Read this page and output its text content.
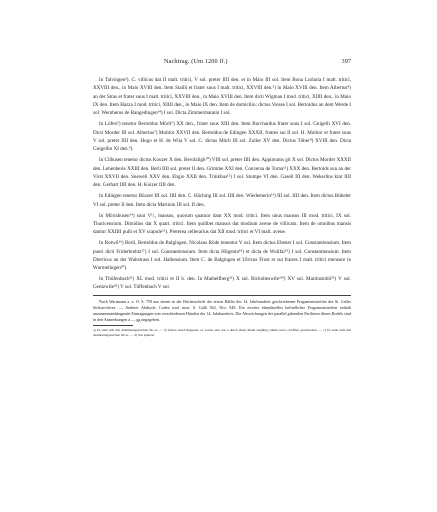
Nachtrag. (Um 1200 ff.)	397

In Talvingen²). C. villicus dat II malt. tritici, V sol. preter IIII den. et in Maio III sol. Item Bona Lurlaria I malt. tritici, XXVIII den., in Maio XVIII den. Item Stailli et frater suus I malt. tritici, XXVIII den.³) in Maio XVIII den. Item Albertus⁴) an der Stras et frater suus I malt. tritici, XXVIII den., in Maio XVIII den. Item dicti Wigman I mod. tritici, XIIII den., in Maio IX den. Item Hazza I mod. tritici, XIIII den., in Maio IX den. Item de domicilio: dictus Voisse I sol. Bertoldus an dem Werde I sol. Wernherus de Rangedingen³⁴) I sol. Dicta Zimmermannin I sol.

In Löfen⁵) tenetur Bertoldus Mörli⁶) XX den., frater suus XIII den. Item Burchardus frater suus I sol. Gnigelli XVI den. Dicti Morder III sol. Albertus⁷) Molitor XXVII den. Bertoldus de Edingen XXXII, fratres sui II sol. H. Molitor et frater suus V sol. preter IIII den. Hugo et H. de Wila V sol. C. dictus Mörli III sol. Zoller XV den. Dictus Töber⁸) XVIII den. Dicta Gnigellin XI den.⁹).

In Cilhusen tenetur dictus Kouzer X den. Berolzligh¹⁰) VIII sol. preter IIII den. Appimums git X sol. Dictus Morder XXXII den. Lehenherie XXIII den. Berli IIII sol. preter II den. Grimme XXI den. Conversa de Torna¹¹) XXX den. Bertolds sun an der Virst XXVII den. Sneweli XXV den. Ebgio XXII den. Trinkhus¹²) I sol. Stumpe VI den. Gaseli III den. Wekerlins kint IIII den. Gerhart IIII den. H. Koizer IIII den.

In Edingen tenetur Büzzer III sol. IIII den. C. Häching III sol. IIII den. Wiedemerin¹³) III sol. IIII den. Item dictus Büheler VI sol. preter II den. Item dicta Martinin III sol. II den.

In Mörishusen¹⁴) sunt V¹/₂ mansus, quorum quatuor dant XX mod. tritici. Item unus mansus III mod. tritici, IX sol. Thuricensium. Dimidius dat X quart. tritici. Item quilibet mansus dat modium avene de villicatu. Item de omnibus mansis dantur XXIIII pulli et XV scapule¹⁵). Preterea cellerarius dat XII mod. tritici et VI malt. avene.

In Rotwil¹⁶) Berli, Bertoldus de Balgingen, Nicolaus Rüde tenentur V sol. Item dictus Ebener I sol. Constantiensium. Item pueri dicti Friderbrehtz¹⁷) I sol. Constantiensium. Item dicta Hilgenin¹⁸) et dicta de Woilfai¹⁹) I sol. Constantiensium. Item Dietricus an der Waltstrass I sol. Hallensium. Item C. de Balgingen et Ulricus Frost et sui fratres I malt. tritici mensure in Wurmelingen²⁰).

In Thüfenbach²¹) XL mod. tritici et II b. den. In Mathelfberg²²) X sol. Richolteswile²³⁴) XV sol. Martinstobil²⁵) V sol. Gentzwile²⁶) V sol. Tüffenbach V sol.

Nach Wartmann a. a. O. S. 759 aus einem in der Bücherschrift der ersten Hälfte des 14. Jahrhunderts geschriebenen Fergamentstreifen des St. Galler Stiftsarchives. — Anderer Abdruck: Codex trad. mon. S. Galli 562, Nro. 949. Ein zweiter ebendaselbst befindlicher Fergamentstreifen enthält unzusammenhängende Eintragungen von verschiedenen Händen des 14. Jahrhunderts. Die Abweichungen der parallel gehenden Parthieen dieses Rodels sind in den Anmerkungen a — gg angegeben.

a) Es steht Alli mit Abkürzungszeichen für er. — b) Zuerst stand Rappeler, es wurde aber das e durch einen Punkt ungültig erklärt und e darfiber geschrieben. — c) Es steht Alle mit Abkürzungszeichen für er. — d) Von späterer
